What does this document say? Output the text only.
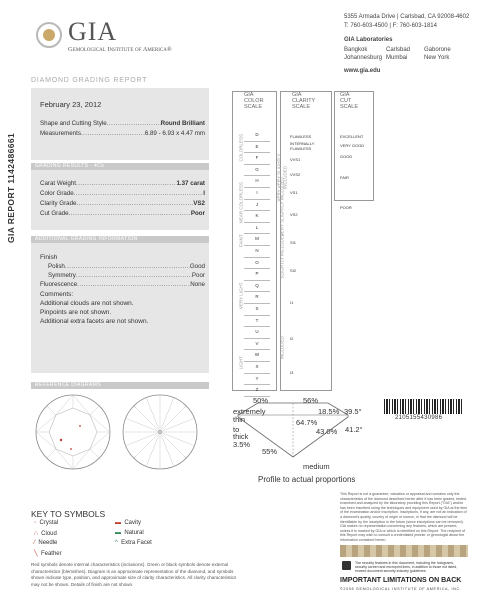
GIA
Gemological Institute of America®
5355 Armada Drive | Carlsbad, CA 92008-4602
T: 760-603-4500 | F: 760-603-1814
GIA Laboratories
Bangkok	Carlsbad Gaborone
Johannesburg Mumbai	New York
www.gia.edu
DIAMOND GRADING REPORT
GIA REPORT 1142486661
February 23, 2012
Shape and Cutting Style .....	Round Brilliant
Measurements .....	6.89 - 6.93 x 4.47 mm
GRADING RESULTS - 4Cs
Carat Weight .....	1.37 carat
Color Grade .....	I
Clarity Grade .....	VS2
Cut Grade .....	Poor
ADDITIONAL GRADING INFORMATION
Finish
Polish .....	Good
Symmetry .....	Poor
Fluorescence .....	None
Comments:
Additional clouds are not shown.
Pinpoints are not shown.
Additional extra facets are not shown.
REFERENCE DIAGRAMS
KEY TO SYMBOLS
◦ Crystal	▬ Cavity
∴ Cloud	▬ Natural
⁄ Needle	^ Extra Facet
╲ Feather
Red symbols denote internal characteristics (inclusions). Green or black symbols denote external characteristics (blemishes). Diagram is an approximate representation of the diamond, and symbols shown indicate type, position, and approximate size of clarity characteristics. All clarity characteristics may not be shown. Details of finish are not shown.
GIA
COLOR
SCALE
D
E
F
G
H
I
J
K
L
M
N
O
P
Q
R
S
T
U
V
W
X
Y
Z
COLORLESS
NEAR COLORLESS
FAINT
VERY LIGHT
LIGHT
GIA
CLARITY
SCALE
FLAWLESS
INTERNALLY FLAWLESS
VVS1
VVS2
VS1
VS2
SI1
SI2
I1
I2
I3
VERY VERY SLIGHTLY INCLUDED
VERY SLIGHTLY INCLUDED
SLIGHTLY INCLUDED
INCLUDED
GIA
CUT
SCALE
EXCELLENT
VERY GOOD
GOOD
FAIR
POOR
50%	56%
18.5% 39.5°
64.7%
43.0% 41.2°
extremely thin
to
thick
3.5%
55%
medium
Profile to actual proportions
2105155430986
This Report is not a guarantee, valuation or appraisal and contains only the characteristics of the diamond described herein after it has been graded, tested, examined and analyzed by the laboratory providing this Report ("GIA") and/or has been inscribed using the techniques and equipment used by GIA at the time of the examination and/or inscription. Inscriptions, if any, are not an indication of a diamond's quality, country of origin or source, in that the diamond will be identifiable by the inscription in the future (since inscriptions can be removed). GIA makes no representation concerning any features, which are present, unless it is marked by GIA or which is identified on this Report. The recipient of this Report may wish to consult a credentialed jeweler or gemologist about the information contained herein.
The security features in this document, including the holograms, security screen and microprint lines, in addition to those not listed, exceed document security industry guidelines.
IMPORTANT LIMITATIONS ON BACK
©2008 GEMOLOGICAL INSTITUTE OF AMERICA, INC.
